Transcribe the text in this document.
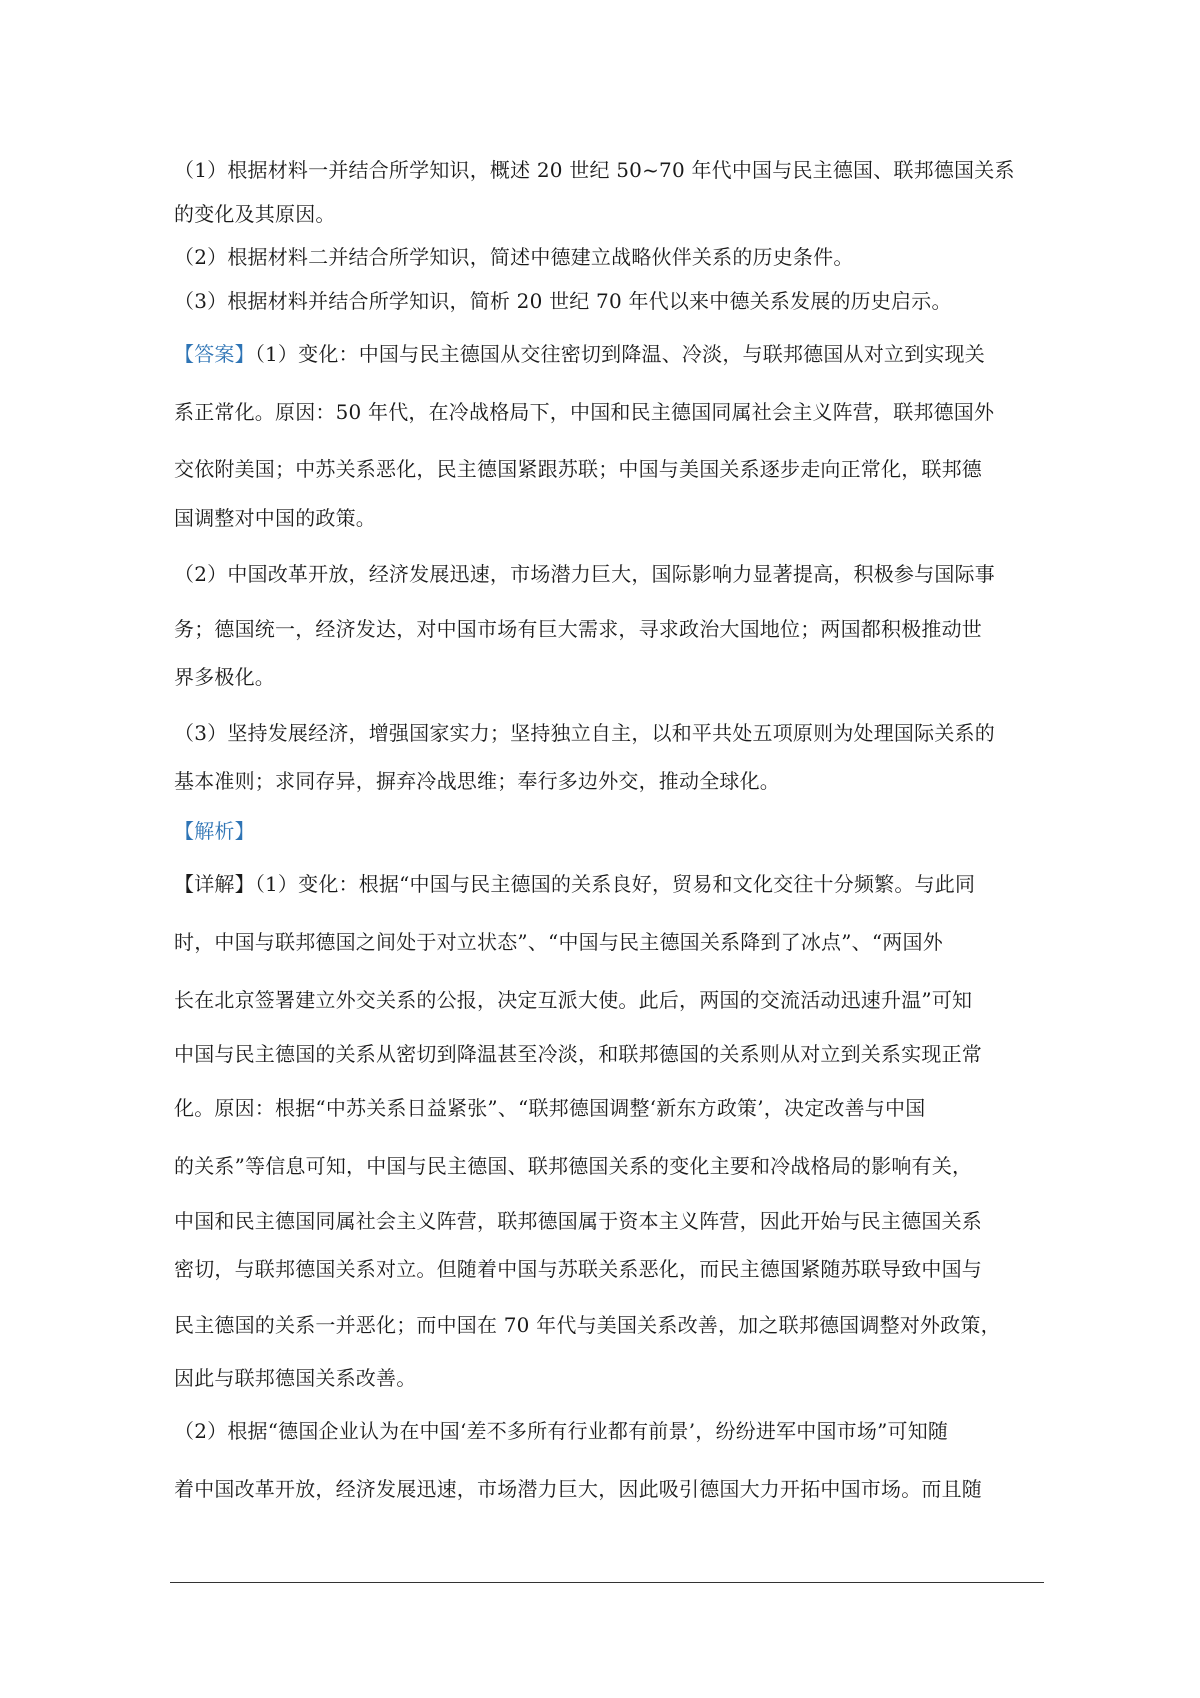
（1）根据材料一并结合所学知识，概述 20 世纪 50~70 年代中国与民主德国、联邦德国关系
的变化及其原因。
（2）根据材料二并结合所学知识，简述中德建立战略伙伴关系的历史条件。
（3）根据材料并结合所学知识，简析 20 世纪 70 年代以来中德关系发展的历史启示。
【答案】（1）变化：中国与民主德国从交往密切到降温、冷淡，与联邦德国从对立到实现关
系正常化。原因：50 年代，在冷战格局下，中国和民主德国同属社会主义阵营，联邦德国外
交依附美国；中苏关系恶化，民主德国紧跟苏联；中国与美国关系逐步走向正常化，联邦德
国调整对中国的政策。
（2）中国改革开放，经济发展迅速，市场潜力巨大，国际影响力显著提高，积极参与国际事
务；德国统一，经济发达，对中国市场有巨大需求，寻求政治大国地位；两国都积极推动世
界多极化。
（3）坚持发展经济，增强国家实力；坚持独立自主，以和平共处五项原则为处理国际关系的
基本准则；求同存异，摒弃冷战思维；奉行多边外交，推动全球化。
【解析】
【详解】（1）变化：根据“中国与民主德国的关系良好，贸易和文化交往十分频繁。与此同
时，中国与联邦德国之间处于对立状态”、“中国与民主德国关系降到了冰点”、“两国外
长在北京签署建立外交关系的公报，决定互派大使。此后，两国的交流活动迅速升温”可知
中国与民主德国的关系从密切到降温甚至冷淡，和联邦德国的关系则从对立到关系实现正常
化。原因：根据“中苏关系日益紧张”、“联邦德国调整‘新东方政策’，决定改善与中国
的关系”等信息可知，中国与民主德国、联邦德国关系的变化主要和冷战格局的影响有关，
中国和民主德国同属社会主义阵营，联邦德国属于资本主义阵营，因此开始与民主德国关系
密切，与联邦德国关系对立。但随着中国与苏联关系恶化，而民主德国紧随苏联导致中国与
民主德国的关系一并恶化；而中国在 70 年代与美国关系改善，加之联邦德国调整对外政策，
因此与联邦德国关系改善。
（2）根据“德国企业认为在中国‘差不多所有行业都有前景’，纷纷进军中国市场”可知随
着中国改革开放，经济发展迅速，市场潜力巨大，因此吸引德国大力开拓中国市场。而且随
